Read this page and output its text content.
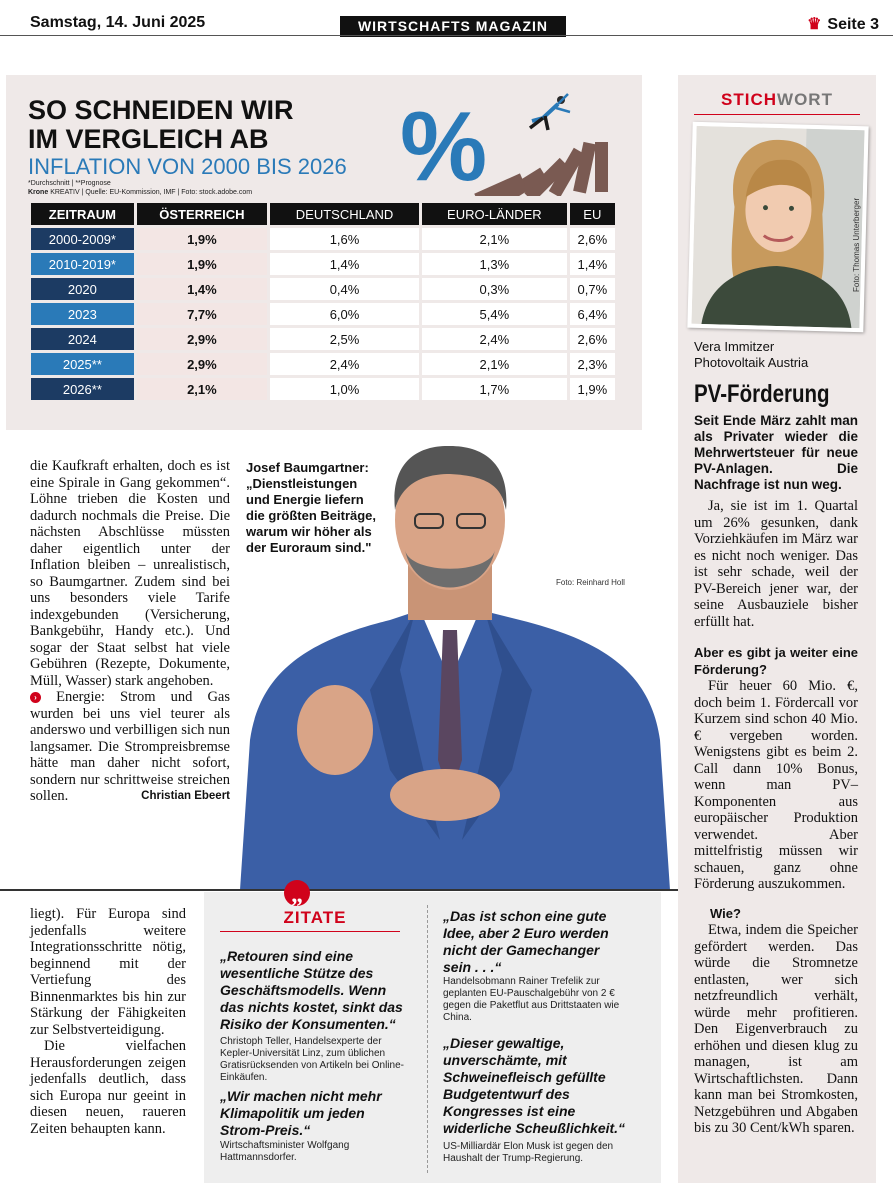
Samstag, 14. Juni 2025	WIRTSCHAFTS MAGAZIN	♛ Seite 3
SO SCHNEIDEN WIR
IM VERGLEICH AB
INFLATION VON 2000 BIS 2026
*Durchschnitt | **Prognose
Krone KREATIV | Quelle: EU-Kommission, IMF | Foto: stock.adobe.com %
ZEITRAUM	ÖSTERREICH	DEUTSCHLAND	EURO-LÄNDER	EU
2000-2009*	1,9%	1,6%	2,1%	2,6%
2010-2019*	1,9%	1,4%	1,3%	1,4%
2020	1,4%	0,4%	0,3%	0,7%
2023	7,7%	6,0%	5,4%	6,4%
2024	2,9%	2,5%	2,4%	2,6%
2025**	2,9%	2,4%	2,1%	2,3%
2026**	2,1%	1,0%	1,7%	1,9%
STICHWORT
Foto: Thomas Unterberger
Vera Immitzer
Photovoltaik Austria
PV-Förderung
Seit Ende März zahlt man als Privater wieder die Mehrwertsteuer für neue PV-Anlagen. Die Nachfrage ist nun weg.
Ja, sie ist im 1. Quartal um 26% gesunken, dank Vorziehkäufen im März war es nicht noch weniger. Das ist sehr schade, weil der PV-Bereich jener war, der seine Ausbauziele bisher erfüllt hat.
Aber es gibt ja weiter eine Förderung?
Für heuer 60 Mio. €, doch beim 1. Fördercall vor Kurzem sind schon 40 Mio. € vergeben worden. Wenigstens gibt es beim 2. Call dann 10% Bonus, wenn man PV–Komponenten aus europäischer Produktion verwendet. Aber mittelfristig müssen wir schauen, ganz ohne Förderung auszukommen.
Wie?
Etwa, indem die Speicher gefördert werden. Das würde die Stromnetze entlasten, wer sich netzfreundlich verhält, würde mehr profitieren. Den Eigenverbrauch zu erhöhen und diesen klug zu managen, ist am Wirtschaftlichsten. Dann kann man bei Stromkosten, Netzgebühren und Abgaben bis zu 30 Cent/kWh sparen.
die Kaufkraft erhalten, doch es ist eine Spirale in Gang gekommen“. Löhne trieben die Kosten und dadurch nochmals die Preise. Die nächsten Abschlüsse müssten daher eigentlich unter der Inflation bleiben – unrealistisch, so Baumgartner. Zudem sind bei uns besonders viele Tarife indexgebunden (Versicherung, Bankgebühr, Handy etc.). Und sogar der Staat selbst hat viele Gebühren (Rezepte, Dokumente, Müll, Wasser) stark angehoben.
› Energie: Strom und Gas wurden bei uns viel teurer als anderswo und verbilligen sich nun langsamer. Die Strompreisbremse hätte man daher nicht sofort, sondern nur schrittweise streichen sollen.	Christian Ebeert
Josef Baumgartner: „Dienstleistungen und Energie liefern die größten Beiträge, warum wir höher als der Euroraum sind."
Foto: Reinhard Holl
liegt). Für Europa sind jedenfalls weitere Integrationsschritte nötig, beginnend mit der Vertiefung des Binnenmarktes bis hin zur Stärkung der Fähigkeiten zur Selbstverteidigung.
Die vielfachen Herausforderungen zeigen jedenfalls deutlich, dass sich Europa nur geeint in diesen neuen, raueren Zeiten behaupten kann.
„
ZITATE
„Retouren sind eine wesentliche Stütze des Geschäftsmodells. Wenn das nichts kostet, sinkt das Risiko der Konsumenten.“
Christoph Teller, Handelsexperte der Kepler-Universität Linz, zum üblichen Gratisrücksenden von Artikeln bei Online-Einkäufen.
„Wir machen nicht mehr Klimapolitik um jeden Strom-Preis.“
Wirtschaftsminister Wolfgang Hattmannsdorfer.
„Das ist schon eine gute Idee, aber 2 Euro werden nicht der Gamechanger sein . . .“
Handelsobmann Rainer Trefelik zur geplanten EU-Pauschalgebühr von 2 € gegen die Paketflut aus Drittstaaten wie China.
„Dieser gewaltige, unverschämte, mit Schweinefleisch gefüllte Budgetentwurf des Kongresses ist eine widerliche Scheußlichkeit.“
US-Milliardär Elon Musk ist gegen den Haushalt der Trump-Regierung.
